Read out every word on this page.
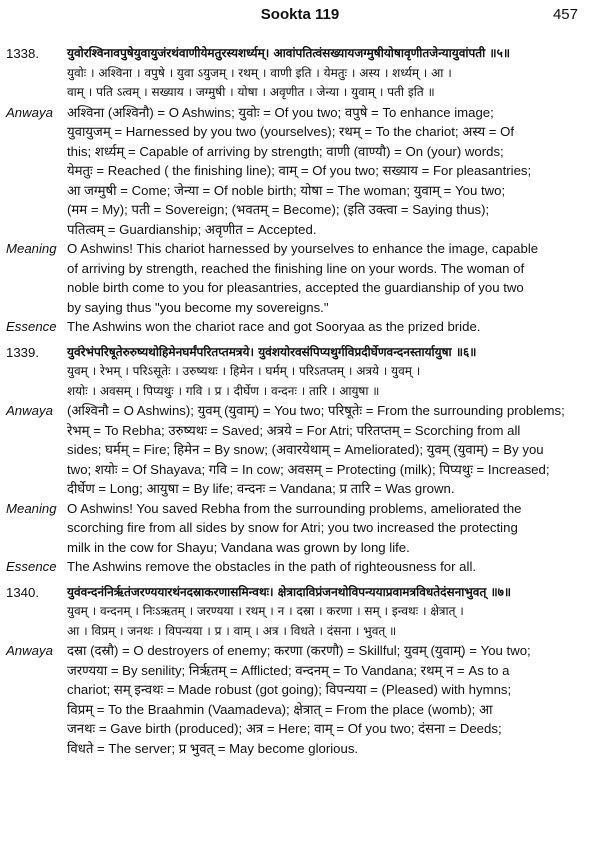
Sookta 119	457
1338.	युवोरश्विनावपुषेयुवायुजंरथंवाणीयेमतुरस्यशर्ध्यम्। आवांपतित्वंसख्यायजग्मुषीयोषावृणीतजेन्यायुवांपती ॥५॥

युवोः । अश्विना । वपुषे । युवा ऽयुजम् । रथम् । वाणी इति । येमतुः । अस्य । शर्ध्यम् । आ ।

वाम् । पति ऽत्वम् । सख्याय । जग्मुषी । योषा । अवृणीत । जेन्या । युवाम् । पती इति ॥

Anwaya	अश्विना (अश्विनौ) = O Ashwins; युवोः = Of you two; वपुषे = To enhance image;

युवायुजम् = Harnessed by you two (yourselves); रथम् = To the chariot; अस्य = Of

this; शर्ध्यम् = Capable of arriving by strength; वाणी (वाण्यौ) = On (your) words;

येमतुः = Reached ( the finishing line); वाम् = Of you two; सख्याय = For pleasantries;

आ जग्मुषी = Come; जेन्या = Of noble birth; योषा = The woman; युवाम् = You two;

(मम = My); पती = Sovereign; (भवतम् = Become); (इति उक्त्वा = Saying thus);

पतित्वम् = Guardianship; अवृणीत = Accepted.

Meaning O Ashwins! This chariot harnessed by yourselves to enhance the image, capable

of arriving by strength, reached the finishing line on your words. The woman of

noble birth come to you for pleasantries, accepted the guardianship of you two

by saying thus "you become my sovereigns."

Essence The Ashwins won the chariot race and got Sooryaa as the prized bride.

1339.	युवंरेभंपरिषूतेरुरुष्यथोहिमेनघर्मंपरितप्तमत्रये। युवंशयोरवसंपिप्यथुर्गविप्रदीर्घेणवन्दनस्तार्यायुषा ॥६॥

युवम् । रेभम् । परिऽसूतेः । उरुष्यथः । हिमेन । घर्मम् । परिऽतप्तम् । अत्रये । युवम् ।

शयोः । अवसम् । पिप्यथुः । गवि । प्र । दीर्घेण । वन्दनः । तारि । आयुषा ॥

Anwaya	(अश्विनौ = O Ashwins); युवम् (युवाम्) = You two; परिषूतेः = From the surrounding problems;

रेभम् = To Rebha; उरुष्यथः = Saved; अत्रये = For Atri; परितप्तम् = Scorching from all

sides; घर्मम् = Fire; हिमेन = By snow; (अवारयेथाम् = Ameliorated); युवम् (युवाम्) = By you

two; शयोः = Of Shayava; गवि = In cow; अवसम् = Protecting (milk); पिप्यथुः = Increased;

दीर्घेण = Long; आयुषा = By life; वन्दनः = Vandana; प्र तारि = Was grown.

Meaning O Ashwins! You saved Rebha from the surrounding problems, ameliorated the

scorching fire from all sides by snow for Atri; you two increased the protecting

milk in the cow for Shayu; Vandana was grown by long life.

Essence The Ashwins remove the obstacles in the path of righteousness for all.

1340.	युवंवन्दनंनिर्ऋतंजरण्ययारथंनदस्राकरणासमिन्वथः। क्षेत्रादाविप्रंजनथोविपन्ययाप्रवामत्रविधतेदंसनाभुवत् ॥७॥

युवम् । वन्दनम् । निःऽऋतम् । जरण्यया । रथम् । न । दस्रा । करणा । सम् । इन्वथः । क्षेत्रात् ।

आ । विप्रम् । जनथः । विपन्यया । प्र । वाम् । अत्र । विधते । दंसना । भुवत् ॥

Anwaya	दस्रा (दस्रौ) = O destroyers of enemy; करणा (करणौ) = Skillful; युवम् (युवाम्) = You two;

जरण्यया = By senility; निर्ऋतम् = Afflicted; वन्दनम् = To Vandana; रथम् न = As to a

chariot; सम् इन्वथः = Made robust (got going); विपन्यया = (Pleased) with hymns;

विप्रम् = To the Braahmin (Vaamadeva); क्षेत्रात् = From the place (womb); आ

जनथः = Gave birth (produced); अत्र = Here; वाम् = Of you two; दंसना = Deeds;

विधते = The server; प्र भुवत् = May become glorious.
